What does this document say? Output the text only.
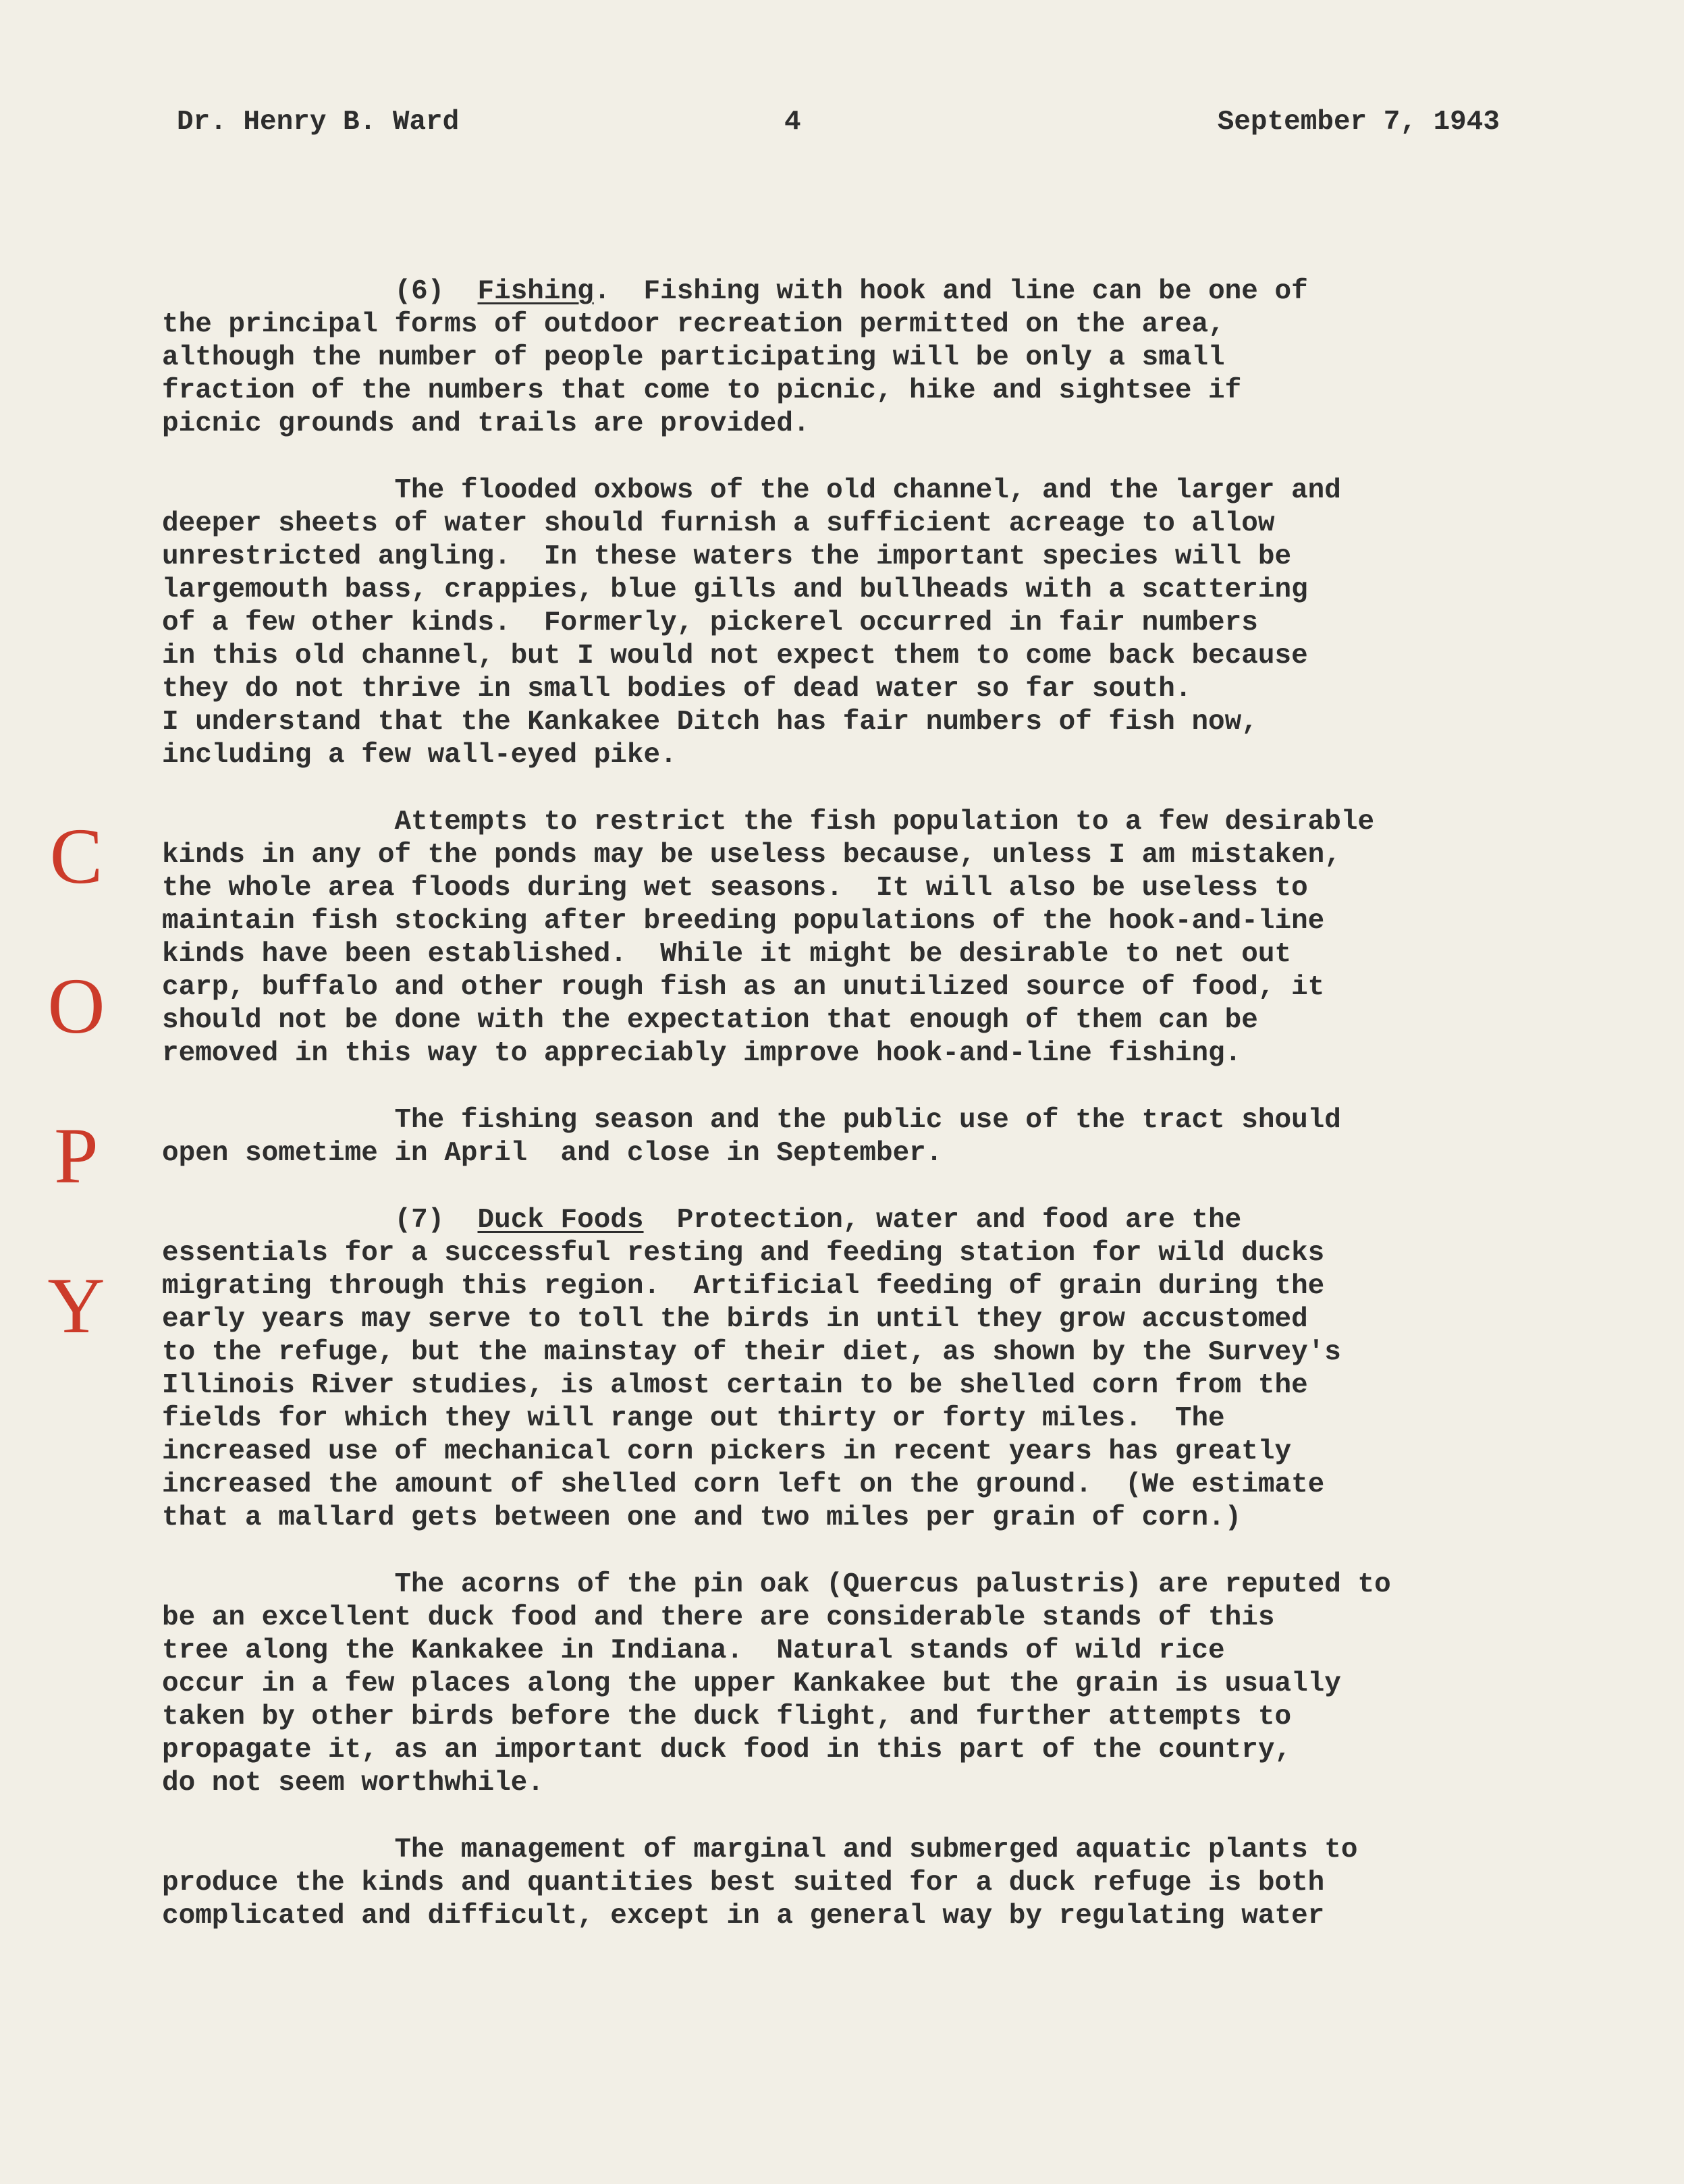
Dr. Henry B. Ward	4	September 7, 1943
C
O
P
Y
(6) Fishing.  Fishing with hook and line can be one of
the principal forms of outdoor recreation permitted on the area,
although the number of people participating will be only a small
fraction of the numbers that come to picnic, hike and sightsee if
picnic grounds and trails are provided.
The flooded oxbows of the old channel, and the larger and
deeper sheets of water should furnish a sufficient acreage to allow
unrestricted angling.  In these waters the important species will be
largemouth bass, crappies, blue gills and bullheads with a scattering
of a few other kinds.  Formerly, pickerel occurred in fair numbers
in this old channel, but I would not expect them to come back because
they do not thrive in small bodies of dead water so far south.
I understand that the Kankakee Ditch has fair numbers of fish now,
including a few wall-eyed pike.
Attempts to restrict the fish population to a few desirable
kinds in any of the ponds may be useless because, unless I am mistaken,
the whole area floods during wet seasons.  It will also be useless to
maintain fish stocking after breeding populations of the hook-and-line
kinds have been established.  While it might be desirable to net out
carp, buffalo and other rough fish as an unutilized source of food, it
should not be done with the expectation that enough of them can be
removed in this way to appreciably improve hook-and-line fishing.
The fishing season and the public use of the tract should
open sometime in April  and close in September.
(7) Duck Foods  Protection, water and food are the
essentials for a successful resting and feeding station for wild ducks
migrating through this region.  Artificial feeding of grain during the
early years may serve to toll the birds in until they grow accustomed
to the refuge, but the mainstay of their diet, as shown by the Survey's
Illinois River studies, is almost certain to be shelled corn from the
fields for which they will range out thirty or forty miles.  The
increased use of mechanical corn pickers in recent years has greatly
increased the amount of shelled corn left on the ground.  (We estimate
that a mallard gets between one and two miles per grain of corn.)
The acorns of the pin oak (Quercus palustris) are reputed to
be an excellent duck food and there are considerable stands of this
tree along the Kankakee in Indiana.  Natural stands of wild rice
occur in a few places along the upper Kankakee but the grain is usually
taken by other birds before the duck flight, and further attempts to
propagate it, as an important duck food in this part of the country,
do not seem worthwhile.
The management of marginal and submerged aquatic plants to
produce the kinds and quantities best suited for a duck refuge is both
complicated and difficult, except in a general way by regulating water
